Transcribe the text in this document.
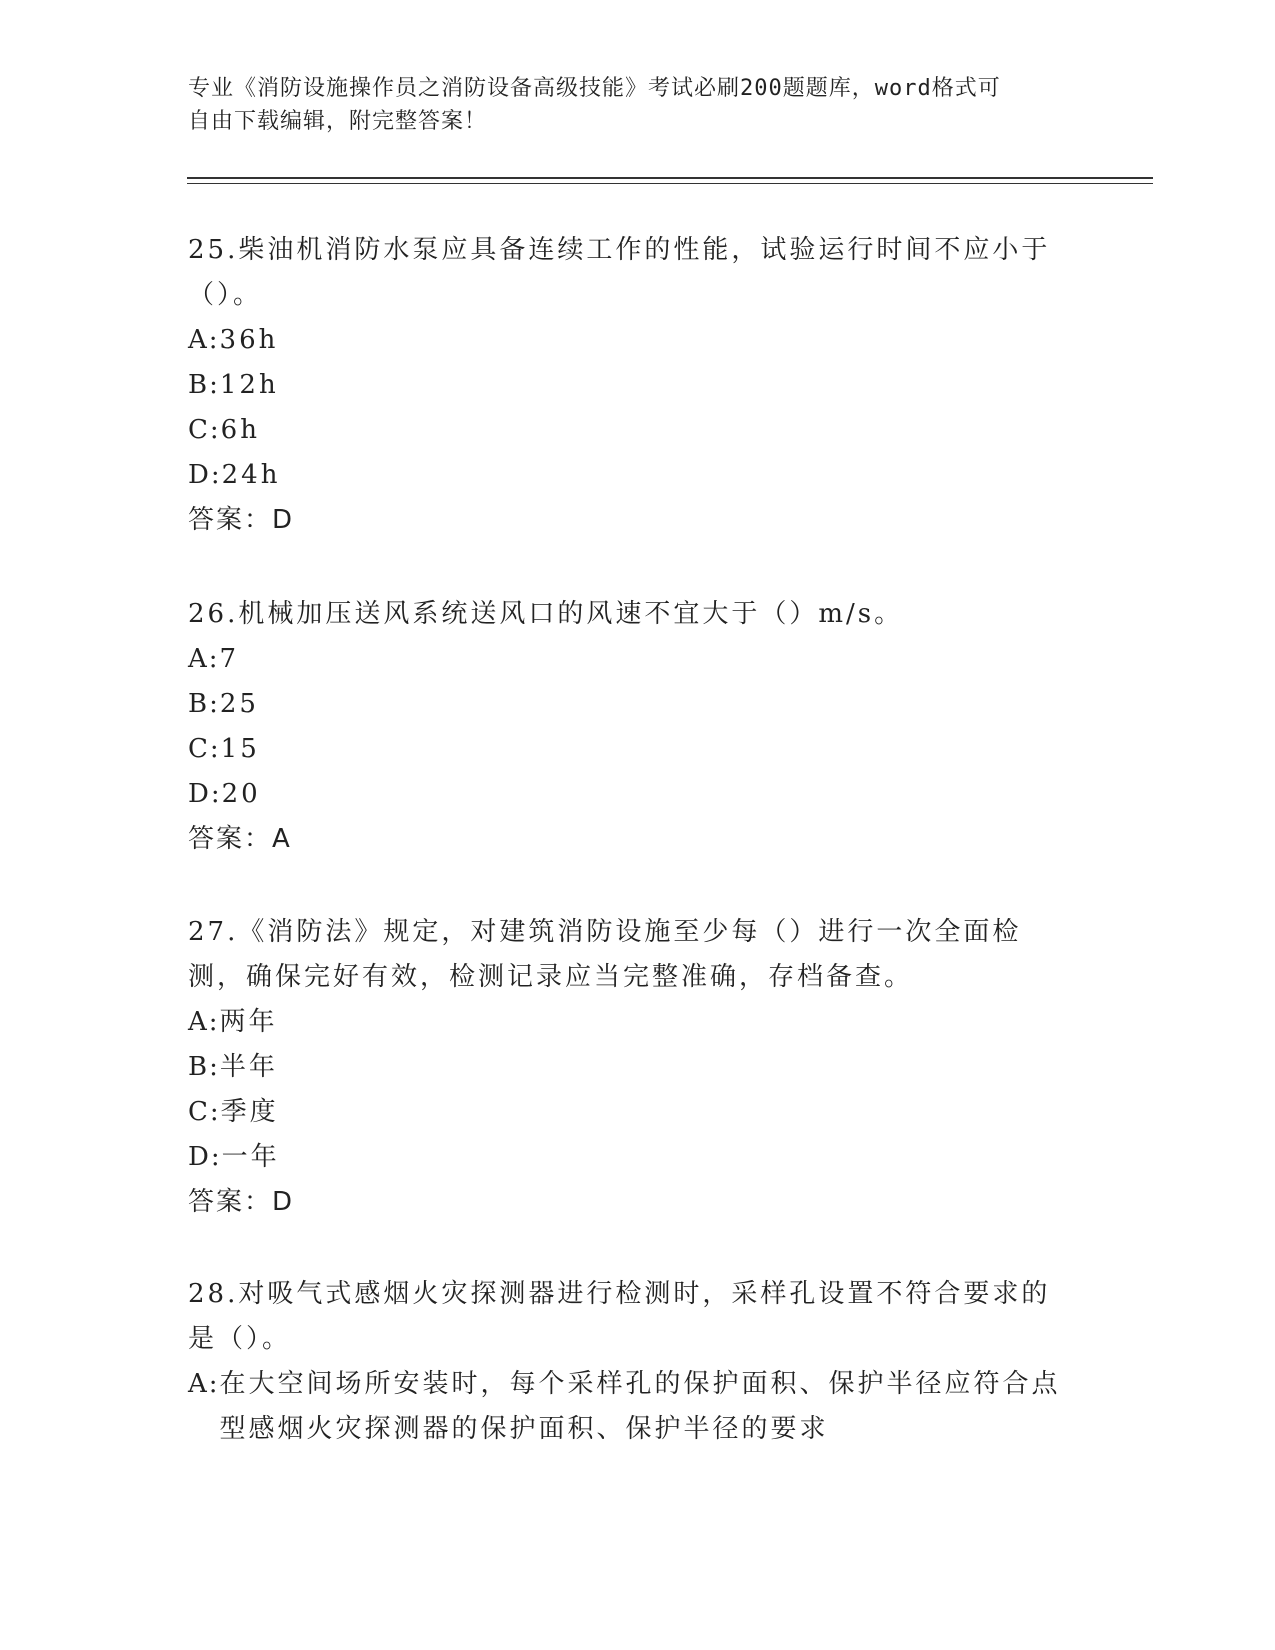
专业《消防设施操作员之消防设备高级技能》考试必刷200题题库，word格式可
自由下载编辑，附完整答案！

25.柴油机消防水泵应具备连续工作的性能，试验运行时间不应小于（）。

A: 36h

B: 12h

C: 6h

D: 24h

答案：D

26.机械加压送风系统送风口的风速不宜大于（）m/s。

A: 7

B: 25

C: 15

D: 20

答案：A

27.《消防法》规定，对建筑消防设施至少每（）进行一次全面检测，确保完好有效，检测记录应当完整准确，存档备查。

A: 两年

B: 半年

C: 季度

D: 一年

答案：D

28.对吸气式感烟火灾探测器进行检测时，采样孔设置不符合要求的是（）。

A: 在大空间场所安装时，每个采样孔的保护面积、保护半径应符合点型感烟火灾探测器的保护面积、保护半径的要求
